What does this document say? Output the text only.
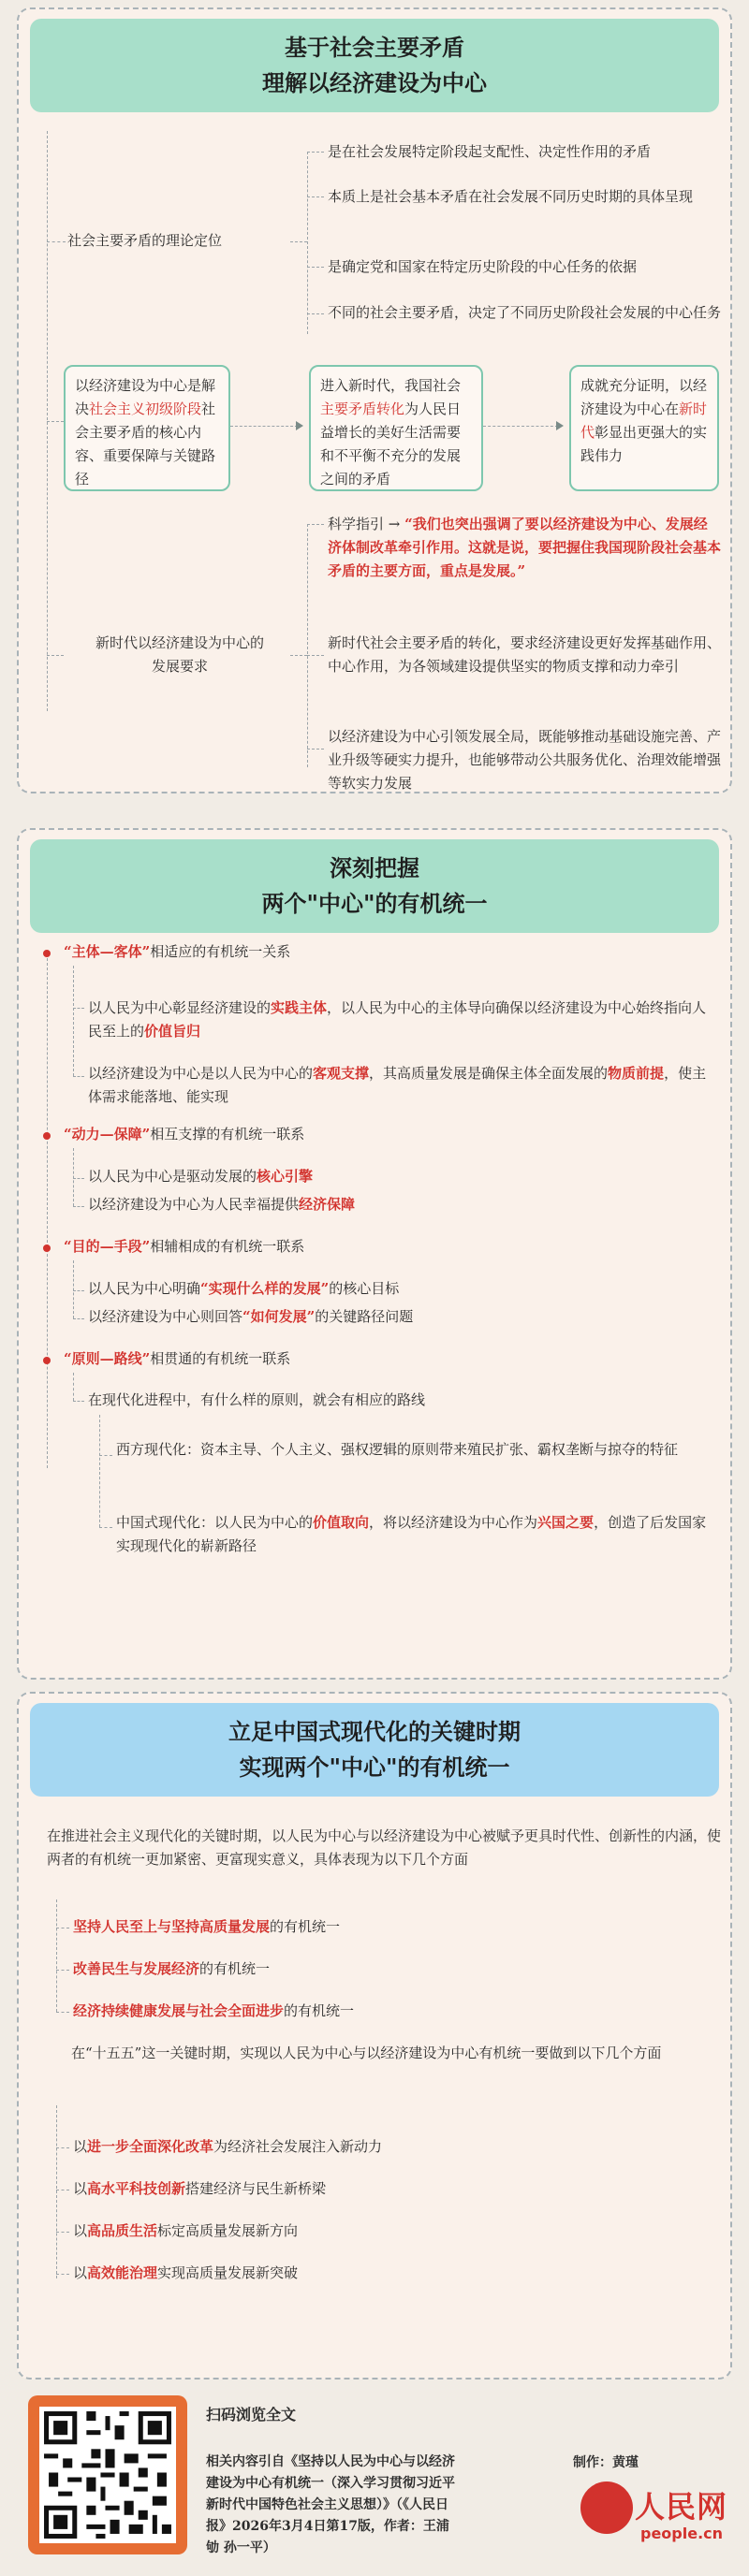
基于社会主要矛盾
理解以经济建设为中心
社会主要矛盾的理论定位
是在社会发展特定阶段起支配性、决定性作用的矛盾
本质上是社会基本矛盾在社会发展不同历史时期的具体呈现
是确定党和国家在特定历史阶段的中心任务的依据
不同的社会主要矛盾，决定了不同历史阶段社会发展的中心任务
以经济建设为中心是解决社会主义初级阶段社会主要矛盾的核心内容、重要保障与关键路径
进入新时代，我国社会主要矛盾转化为人民日益增长的美好生活需要和不平衡不充分的发展之间的矛盾
成就充分证明，以经济建设为中心在新时代彰显出更强大的实践伟力
新时代以经济建设为中心的
发展要求
科学指引 → “我们也突出强调了要以经济建设为中心、发展经济体制改革牵引作用。这就是说，要把握住我国现阶段社会基本矛盾的主要方面，重点是发展。”
新时代社会主要矛盾的转化，要求经济建设更好发挥基础作用、中心作用，为各领域建设提供坚实的物质支撑和动力牵引
以经济建设为中心引领发展全局，既能够推动基础设施完善、产业升级等硬实力提升，也能够带动公共服务优化、治理效能增强等软实力发展
深刻把握
两个"中心"的有机统一
“主体—客体”相适应的有机统一关系
以人民为中心彰显经济建设的实践主体，以人民为中心的主体导向确保以经济建设为中心始终指向人民至上的价值旨归
以经济建设为中心是以人民为中心的客观支撑，其高质量发展是确保主体全面发展的物质前提，使主体需求能落地、能实现
“动力—保障”相互支撑的有机统一联系
以人民为中心是驱动发展的核心引擎
以经济建设为中心为人民幸福提供经济保障
“目的—手段”相辅相成的有机统一联系
以人民为中心明确“实现什么样的发展”的核心目标
以经济建设为中心则回答“如何发展”的关键路径问题
“原则—路线”相贯通的有机统一联系
在现代化进程中，有什么样的原则，就会有相应的路线
西方现代化：资本主导、个人主义、强权逻辑的原则带来殖民扩张、霸权垄断与掠夺的特征
中国式现代化：以人民为中心的价值取向，将以经济建设为中心作为兴国之要，创造了后发国家实现现代化的崭新路径
立足中国式现代化的关键时期
实现两个"中心"的有机统一
在推进社会主义现代化的关键时期，以人民为中心与以经济建设为中心被赋予更具时代性、创新性的内涵，使两者的有机统一更加紧密、更富现实意义，具体表现为以下几个方面
坚持人民至上与坚持高质量发展的有机统一
改善民生与发展经济的有机统一
经济持续健康发展与社会全面进步的有机统一
在“十五五”这一关键时期，实现以人民为中心与以经济建设为中心有机统一要做到以下几个方面
以进一步全面深化改革为经济社会发展注入新动力
以高水平科技创新搭建经济与民生新桥梁
以高品质生活标定高质量发展新方向
以高效能治理实现高质量发展新突破
扫码浏览全文
相关内容引自《坚持以人民为中心与以经济建设为中心有机统一（深入学习贯彻习近平新时代中国特色社会主义思想）》（《人民日报》2026年3月4日第17版，作者：王浦劬 孙一平）
制作：黄瑾
人民网
people.cn
